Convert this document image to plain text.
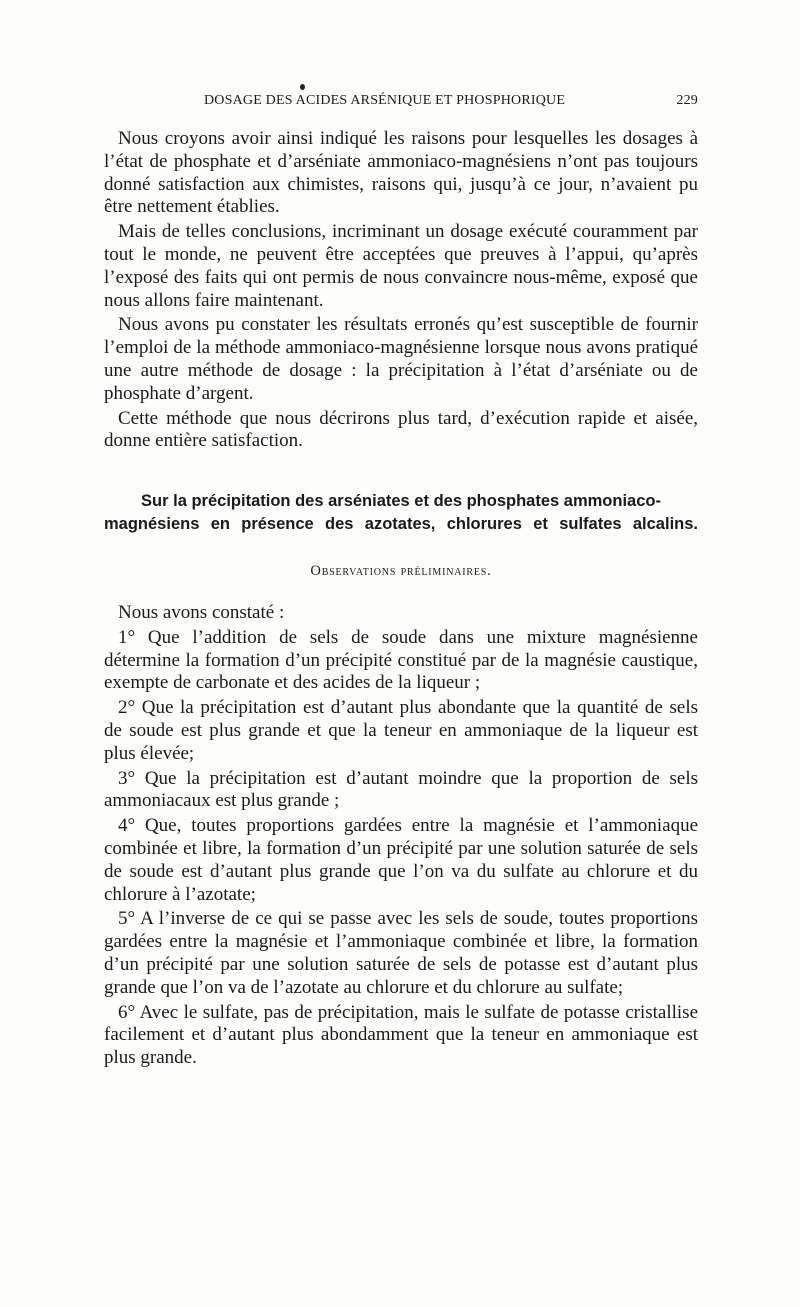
DOSAGE DES ACIDES ARSÉNIQUE ET PHOSPHORIQUE	229

Nous croyons avoir ainsi indiqué les raisons pour lesquelles les dosages à l’état de phosphate et d’arséniate ammoniaco-magnésiens n’ont pas toujours donné satisfaction aux chimistes, raisons qui, jusqu’à ce jour, n’avaient pu être nettement établies.

Mais de telles conclusions, incriminant un dosage exécuté couramment par tout le monde, ne peuvent être acceptées que preuves à l’appui, qu’après l’exposé des faits qui ont permis de nous convaincre nous-même, exposé que nous allons faire maintenant.

Nous avons pu constater les résultats erronés qu’est susceptible de fournir l’emploi de la méthode ammoniaco-magnésienne lorsque nous avons pratiqué une autre méthode de dosage : la précipitation à l’état d’arséniate ou de phosphate d’argent.

Cette méthode que nous décrirons plus tard, d’exécution rapide et aisée, donne entière satisfaction.

Sur la précipitation des arséniates et des phosphates ammoniaco-
magnésiens en présence des azotates, chlorures et sulfates alcalins.
Observations préliminaires.

Nous avons constaté :

1° Que l’addition de sels de soude dans une mixture magnésienne détermine la formation d’un précipité constitué par de la magnésie caustique, exempte de carbonate et des acides de la liqueur ;

2° Que la précipitation est d’autant plus abondante que la quantité de sels de soude est plus grande et que la teneur en ammoniaque de la liqueur est plus élevée;

3° Que la précipitation est d’autant moindre que la proportion de sels ammoniacaux est plus grande ;

4° Que, toutes proportions gardées entre la magnésie et l’ammoniaque combinée et libre, la formation d’un précipité par une solution saturée de sels de soude est d’autant plus grande que l’on va du sulfate au chlorure et du chlorure à l’azotate;

5° A l’inverse de ce qui se passe avec les sels de soude, toutes proportions gardées entre la magnésie et l’ammoniaque combinée et libre, la formation d’un précipité par une solution saturée de sels de potasse est d’autant plus grande que l’on va de l’azotate au chlorure et du chlorure au sulfate;

6° Avec le sulfate, pas de précipitation, mais le sulfate de potasse cristallise facilement et d’autant plus abondamment que la teneur en ammoniaque est plus grande.
